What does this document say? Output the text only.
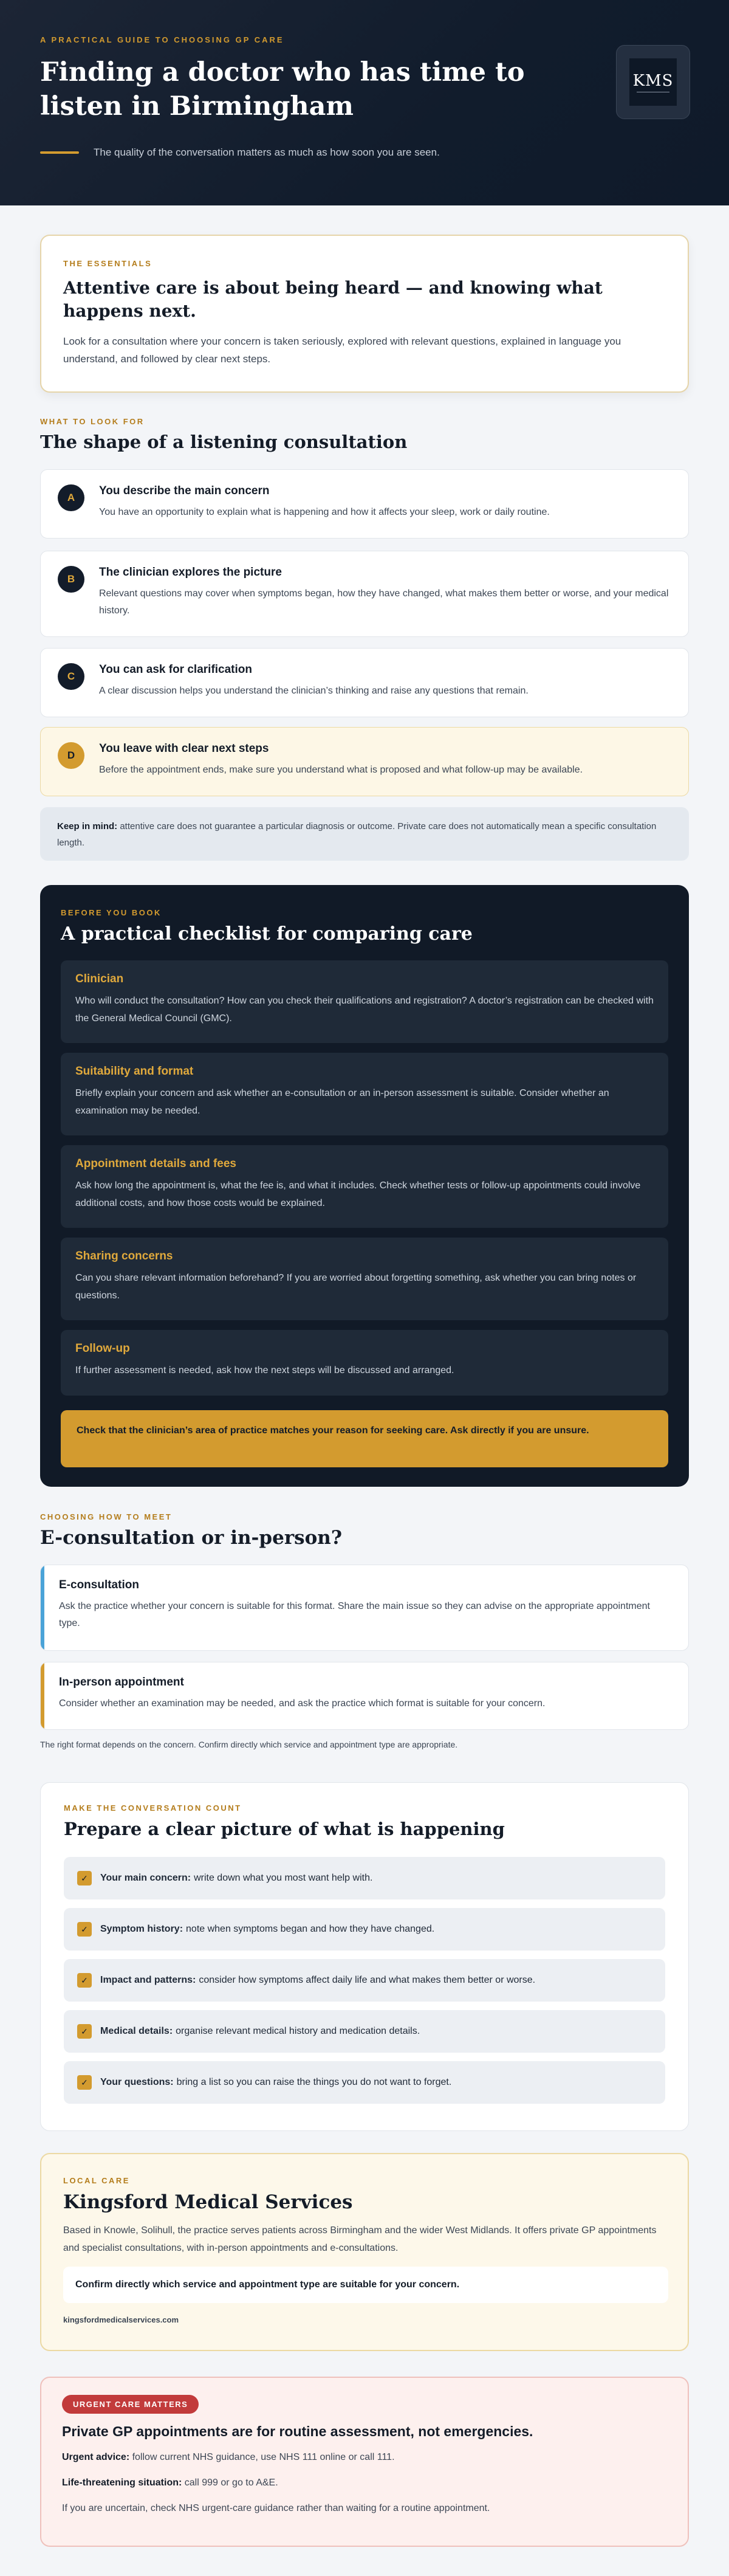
A PRACTICAL GUIDE TO CHOOSING GP CARE
Finding a doctor who has time to listen in Birmingham
The quality of the conversation matters as much as how soon you are seen.
KMS
THE ESSENTIALS
Attentive care is about being heard — and knowing what happens next.

Look for a consultation where your concern is taken seriously, explored with relevant questions, explained in language you understand, and followed by clear next steps.

WHAT TO LOOK FOR
The shape of a listening consultation
A
You describe the main concern

You have an opportunity to explain what is happening and how it affects your sleep, work or daily routine.

B
The clinician explores the picture

Relevant questions may cover when symptoms began, how they have changed, what makes them better or worse, and your medical history.

C
You can ask for clarification

A clear discussion helps you understand the clinician’s thinking and raise any questions that remain.

D
You leave with clear next steps

Before the appointment ends, make sure you understand what is proposed and what follow-up may be available.

Keep in mind: attentive care does not guarantee a particular diagnosis or outcome. Private care does not automatically mean a specific consultation length.
BEFORE YOU BOOK
A practical checklist for comparing care
Clinician

Who will conduct the consultation? How can you check their qualifications and registration? A doctor’s registration can be checked with the General Medical Council (GMC).

Suitability and format

Briefly explain your concern and ask whether an e-consultation or an in-person assessment is suitable. Consider whether an examination may be needed.

Appointment details and fees

Ask how long the appointment is, what the fee is, and what it includes. Check whether tests or follow-up appointments could involve additional costs, and how those costs would be explained.

Sharing concerns

Can you share relevant information beforehand? If you are worried about forgetting something, ask whether you can bring notes or questions.

Follow-up

If further assessment is needed, ask how the next steps will be discussed and arranged.

Check that the clinician’s area of practice matches your reason for seeking care. Ask directly if you are unsure.
CHOOSING HOW TO MEET
E-consultation or in-person?
E-consultation

Ask the practice whether your concern is suitable for this format. Share the main issue so they can advise on the appropriate appointment type.

In-person appointment

Consider whether an examination may be needed, and ask the practice which format is suitable for your concern.

The right format depends on the concern. Confirm directly which service and appointment type are appropriate.
MAKE THE CONVERSATION COUNT
Prepare a clear picture of what is happening
✓	Your main concern: write down what you most want help with.
✓	Symptom history: note when symptoms began and how they have changed.
✓	Impact and patterns: consider how symptoms affect daily life and what makes them better or worse.
✓	Medical details: organise relevant medical history and medication details.
✓	Your questions: bring a list so you can raise the things you do not want to forget.
LOCAL CARE
Kingsford Medical Services

Based in Knowle, Solihull, the practice serves patients across Birmingham and the wider West Midlands. It offers private GP appointments and specialist consultations, with in-person appointments and e-consultations.

Confirm directly which service and appointment type are suitable for your concern.
kingsfordmedicalservices.com
URGENT CARE MATTERS
Private GP appointments are for routine assessment, not emergencies.

Urgent advice: follow current NHS guidance, use NHS 111 online or call 111.

Life-threatening situation: call 999 or go to A&E.

If you are uncertain, check NHS urgent-care guidance rather than waiting for a routine appointment.
